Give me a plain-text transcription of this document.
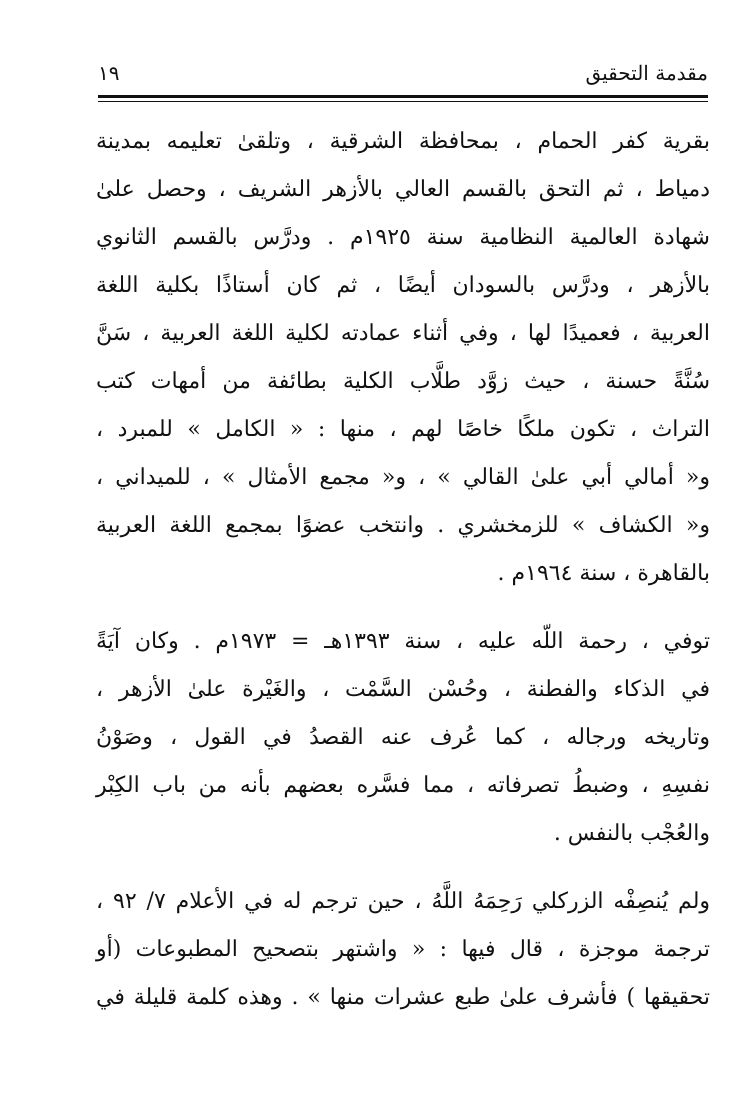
مقدمة التحقيق
١٩

بقرية كفر الحمام ، بمحافظة الشرقية ، وتلقىٰ تعليمه بمدينة
دمياط ، ثم التحق بالقسم العالي بالأزهر الشريف ، وحصل علىٰ
شهادة العالمية النظامية سنة ١٩٢٥م . ودرَّس بالقسم الثانوي
بالأزهر ، ودرَّس بالسودان أيضًا ، ثم كان أستاذًا بكلية اللغة
العربية ، فعميدًا لها ، وفي أثناء عمادته لكلية اللغة العربية ، سَنَّ
سُنَّةً حسنة ، حيث زوَّد طلَّاب الكلية بطائفة من أمهات كتب
التراث ، تكون ملكًا خاصًا لهم ، منها : « الكامل » للمبرد ،
و« أمالي أبي علىٰ القالي » ، و« مجمع الأمثال » ، للميداني ،
و« الكشاف » للزمخشري . وانتخب عضوًا بمجمع اللغة العربية
بالقاهرة ، سنة ١٩٦٤م .

توفي ، رحمة اللّه عليه ، سنة ١٣٩٣هـ = ١٩٧٣م . وكان آيَةً
في الذكاء والفطنة ، وحُسْن السَّمْت ، والغَيْرة علىٰ الأزهر ،
وتاريخه ورجاله ، كما عُرف عنه القصدُ في القول ، وصَوْنُ
نفسِهِ ، وضبطُ تصرفاته ، مما فسَّره بعضهم بأنه من باب الكِبْر
والعُجْب بالنفس .

ولم يُنصِفْه الزركلي رَحِمَهُ اللَّهُ ، حين ترجم له في الأعلام ٧/ ٩٢ ،
ترجمة موجزة ، قال فيها : « واشتهر بتصحيح المطبوعات (أو
تحقيقها ) فأشرف علىٰ طبع عشرات منها » . وهذه كلمة قليلة في
